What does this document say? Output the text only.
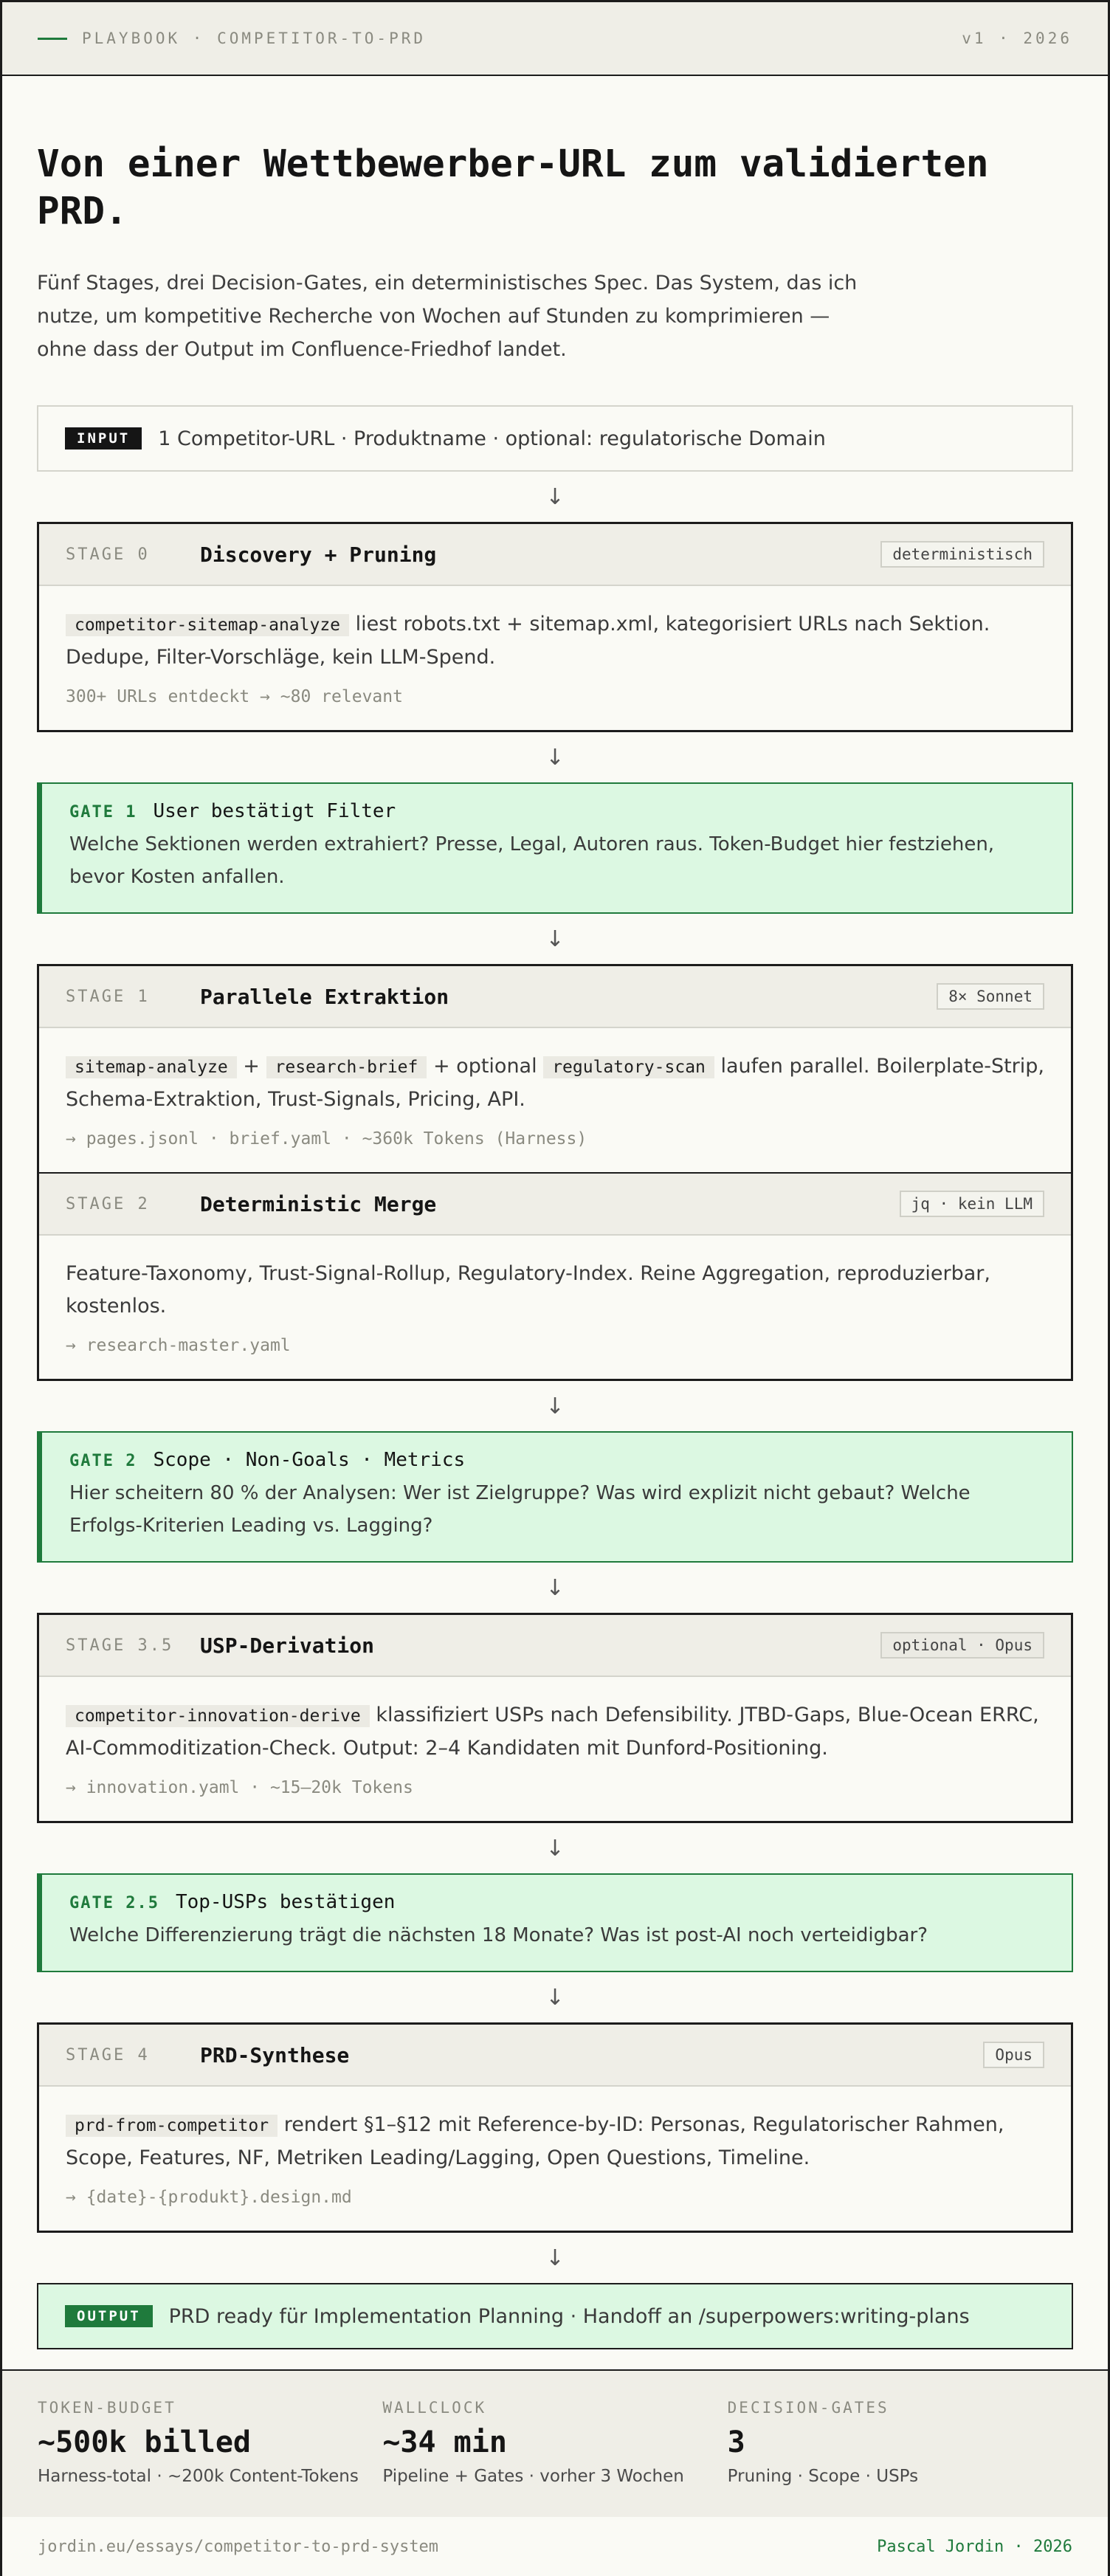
PLAYBOOK · COMPETITOR-TO-PRD	v1 · 2026
Von einer Wettbewerber-URL zum validierten PRD.

Fünf Stages, drei Decision-Gates, ein deterministisches Spec. Das System, das ich nutze, um kompetitive Recherche von Wochen auf Stunden zu komprimieren — ohne dass der Output im Confluence-Friedhof landet.

INPUT	1 Competitor-URL · Produktname · optional: regulatorische Domain
↓
STAGE 0	Discovery + Pruning	deterministisch

competitor-sitemap-analyze liest robots.txt + sitemap.xml, kategorisiert URLs nach Sektion. Dedupe, Filter-Vorschläge, kein LLM-Spend.

300+ URLs entdeckt → ~80 relevant

↓
GATE 1 User bestätigt Filter

Welche Sektionen werden extrahiert? Presse, Legal, Autoren raus. Token-Budget hier festziehen, bevor Kosten anfallen.

↓
STAGE 1	Parallele Extraktion	8× Sonnet

sitemap-analyze + research-brief + optional regulatory-scan laufen parallel. Boilerplate-Strip, Schema-Extraktion, Trust-Signals, Pricing, API.

→ pages.jsonl · brief.yaml · ~360k Tokens (Harness)

STAGE 2	Deterministic Merge	jq · kein LLM

Feature-Taxonomy, Trust-Signal-Rollup, Regulatory-Index. Reine Aggregation, reproduzierbar, kostenlos.

→ research-master.yaml

↓
GATE 2 Scope · Non-Goals · Metrics

Hier scheitern 80 % der Analysen: Wer ist Zielgruppe? Was wird explizit nicht gebaut? Welche Erfolgs-Kriterien Leading vs. Lagging?

↓
STAGE 3.5	USP-Derivation	optional · Opus

competitor-innovation-derive klassifiziert USPs nach Defensibility. JTBD-Gaps, Blue-Ocean ERRC, AI-Commoditization-Check. Output: 2–4 Kandidaten mit Dunford-Positioning.

→ innovation.yaml · ~15–20k Tokens

↓
GATE 2.5 Top-USPs bestätigen

Welche Differenzierung trägt die nächsten 18 Monate? Was ist post-AI noch verteidigbar?

↓
STAGE 4	PRD-Synthese	Opus

prd-from-competitor rendert §1–§12 mit Reference-by-ID: Personas, Regulatorischer Rahmen, Scope, Features, NF, Metriken Leading/Lagging, Open Questions, Timeline.

→ {date}-{produkt}.design.md

↓
OUTPUT	PRD ready für Implementation Planning · Handoff an /superpowers:writing-plans
TOKEN-BUDGET
~500k billed
Harness-total · ~200k Content-Tokens
WALLCLOCK
~34 min
Pipeline + Gates · vorher 3 Wochen
DECISION-GATES
3
Pruning · Scope · USPs
jordin.eu/essays/competitor-to-prd-system	Pascal Jordin · 2026
